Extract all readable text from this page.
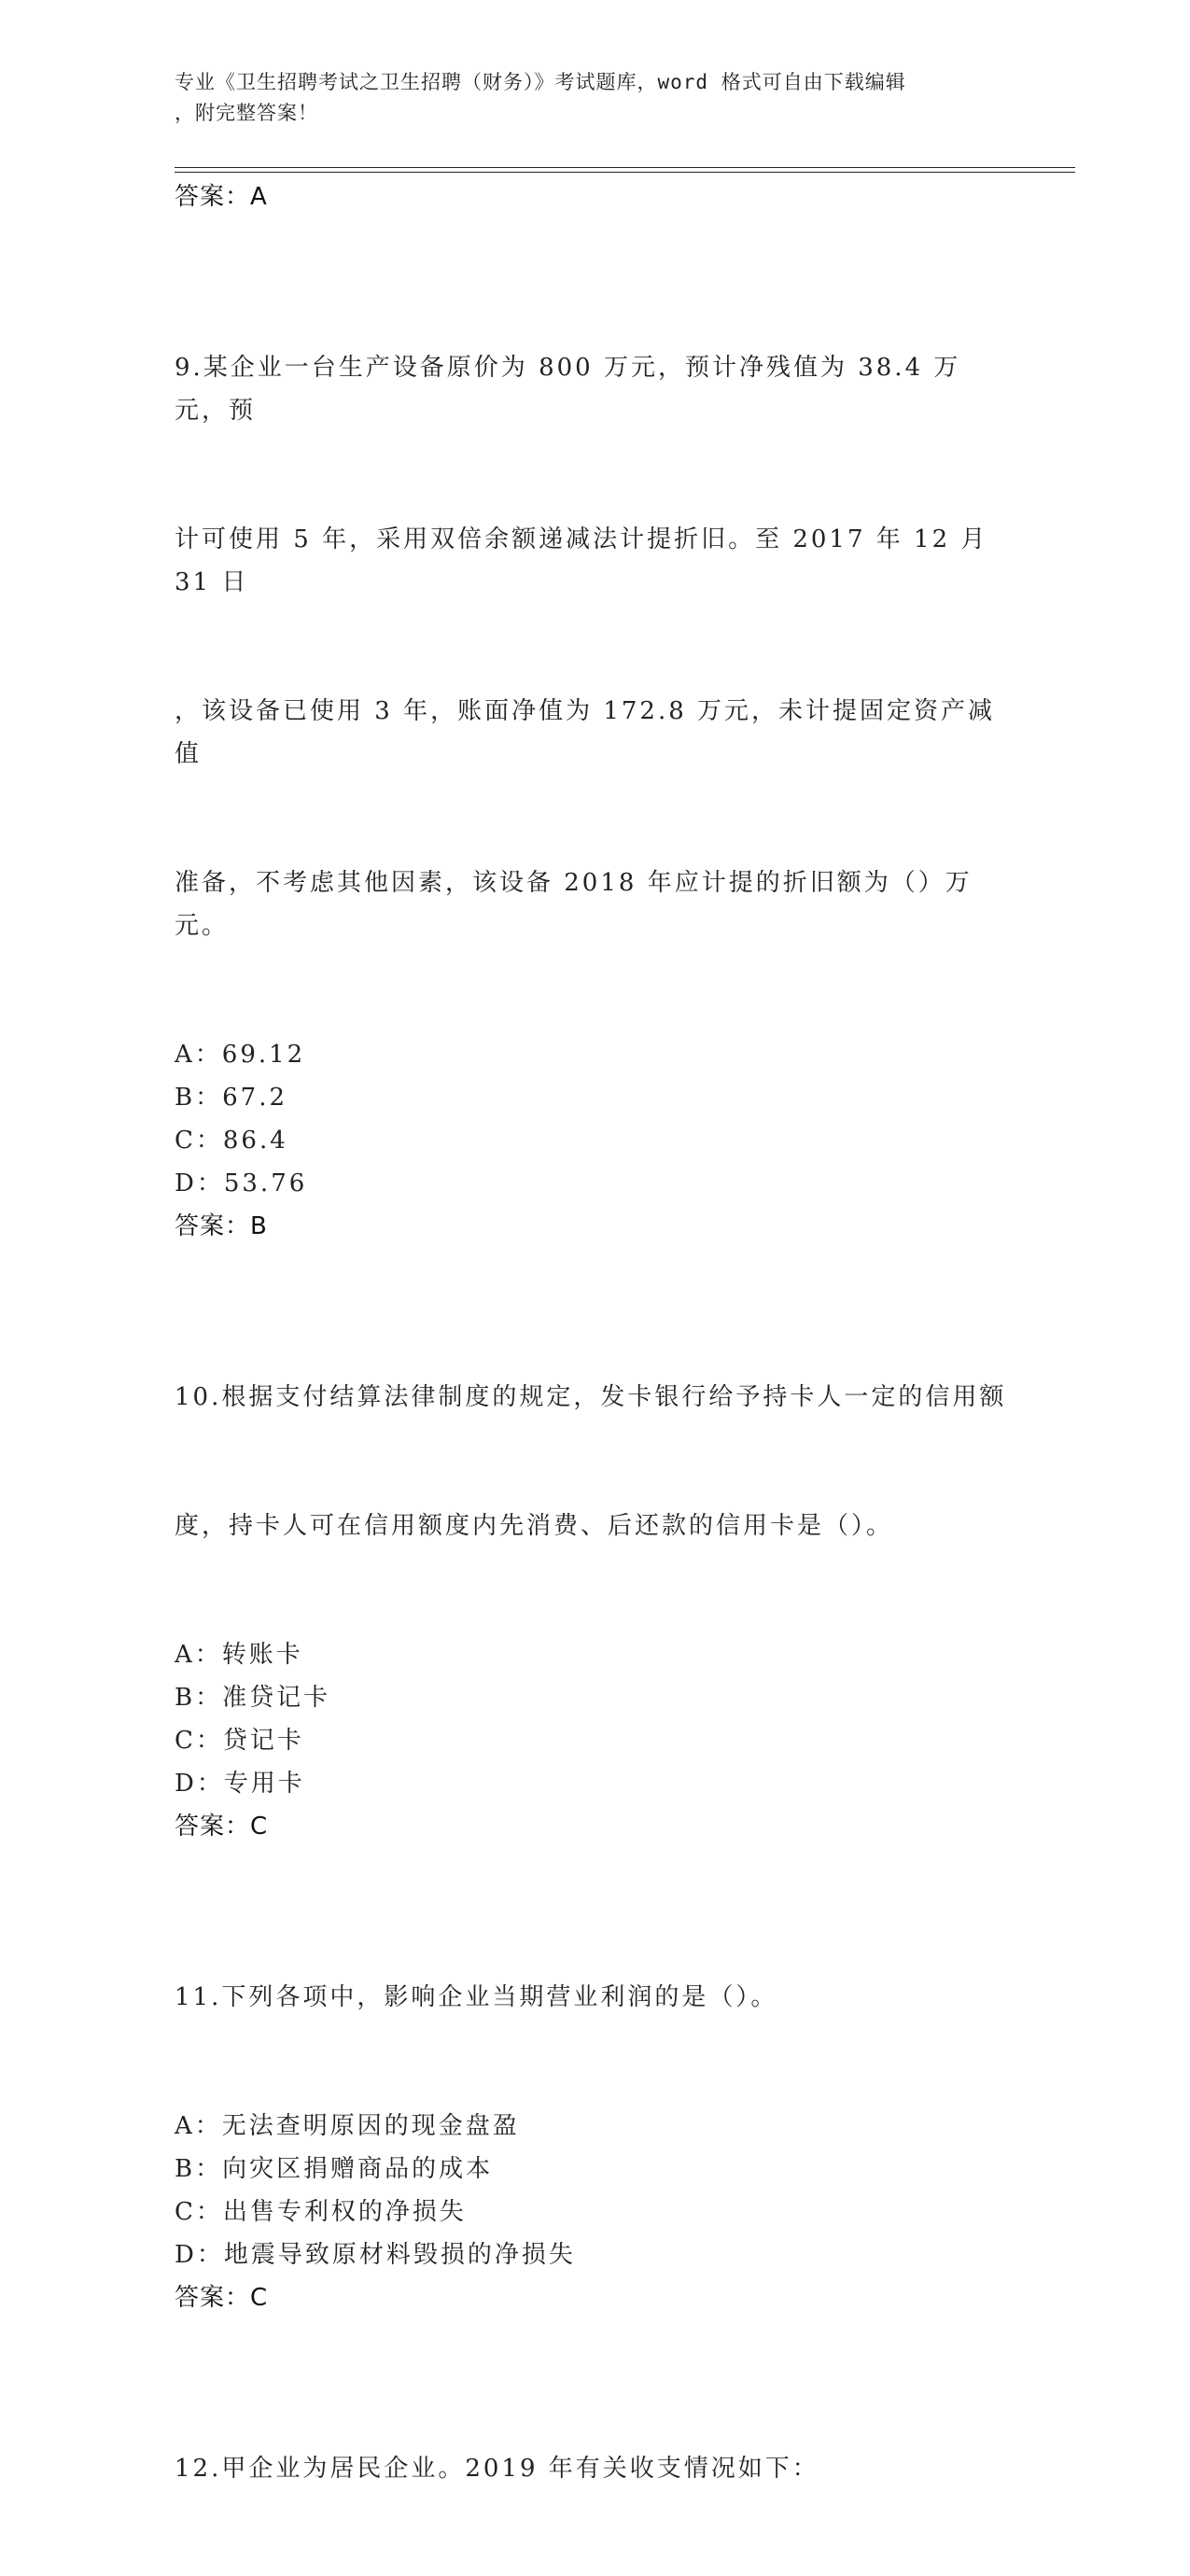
专业《卫生招聘考试之卫生招聘（财务）》考试题库，word 格式可自由下载编辑
，附完整答案！
答案：A

9.某企业一台生产设备原价为 800 万元，预计净残值为 38.4 万元，预

计可使用 5 年，采用双倍余额递减法计提折旧。至 2017 年 12 月 31 日

，该设备已使用 3 年，账面净值为 172.8 万元，未计提固定资产减值

准备，不考虑其他因素，该设备 2018 年应计提的折旧额为（）万元。

A：69.12
B：67.2
C：86.4
D：53.76
答案：B

10.根据支付结算法律制度的规定，发卡银行给予持卡人一定的信用额

度，持卡人可在信用额度内先消费、后还款的信用卡是（）。

A：转账卡
B：准贷记卡
C：贷记卡
D：专用卡
答案：C

11.下列各项中，影响企业当期营业利润的是（）。

A：无法查明原因的现金盘盈
B：向灾区捐赠商品的成本
C：出售专利权的净损失
D：地震导致原材料毁损的净损失
答案：C

12.甲企业为居民企业。2019 年有关收支情况如下：
